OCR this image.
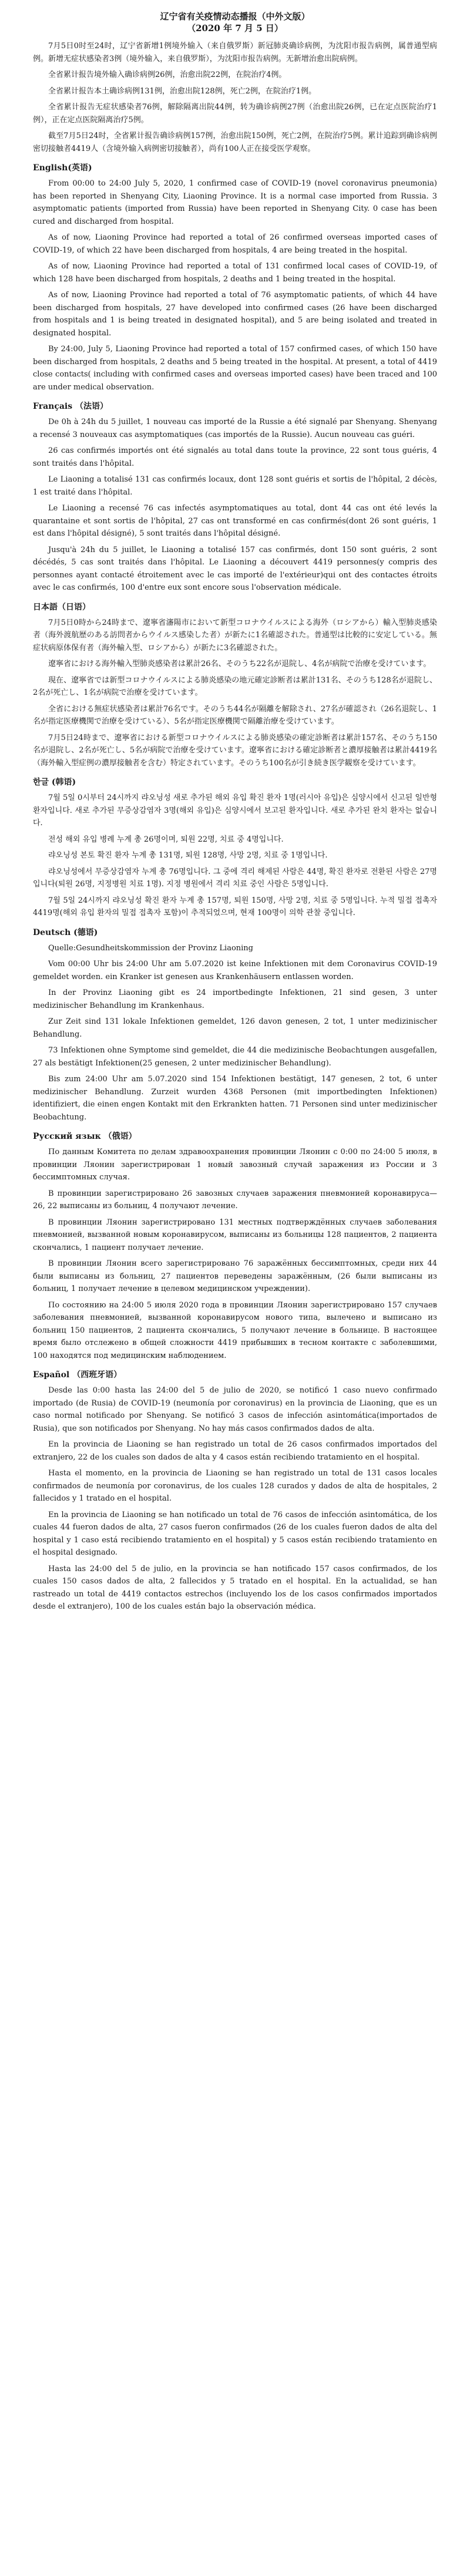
辽宁省有关疫情动态播报（中外文版）
（2020 年 7 月 5 日）

7月5日0时至24时，辽宁省新增1例境外输入（来自俄罗斯）新冠肺炎确诊病例，为沈阳市报告病例，属普通型病例。新增无症状感染者3例（境外输入，来自俄罗斯），为沈阳市报告病例。无新增治愈出院病例。

全省累计报告境外输入确诊病例26例，治愈出院22例，在院治疗4例。

全省累计报告本土确诊病例131例，治愈出院128例，死亡2例，在院治疗1例。

全省累计报告无症状感染者76例，解除隔离出院44例，转为确诊病例27例（治愈出院26例，已在定点医院治疗1例），正在定点医院隔离治疗5例。

截至7月5日24时，全省累计报告确诊病例157例，治愈出院150例，死亡2例，在院治疗5例。累计追踪到确诊病例密切接触者4419人（含境外输入病例密切接触者），尚有100人正在接受医学观察。

English(英语)

From 00:00 to 24:00 July 5, 2020, 1 confirmed case of COVID-19 (novel coronavirus pneumonia) has been reported in Shenyang City, Liaoning Province. It is a normal case imported from Russia. 3 asymptomatic patients (imported from Russia) have been reported in Shenyang City. 0 case has been cured and discharged from hospital.

As of now, Liaoning Province had reported a total of 26 confirmed overseas imported cases of COVID-19, of which 22 have been discharged from hospitals, 4 are being treated in the hospital.

As of now, Liaoning Province had reported a total of 131 confirmed local cases of COVID-19, of which 128 have been discharged from hospitals, 2 deaths and 1 being treated in the hospital.

As of now, Liaoning Province had reported a total of 76 asymptomatic patients, of which 44 have been discharged from hospitals, 27 have developed into confirmed cases (26 have been discharged from hospitals and 1 is being treated in designated hospital), and 5 are being isolated and treated in designated hospital.

By 24:00, July 5, Liaoning Province had reported a total of 157 confirmed cases, of which 150 have been discharged from hospitals, 2 deaths and 5 being treated in the hospital. At present, a total of 4419 close contacts( including with confirmed cases and overseas imported cases) have been traced and 100 are under medical observation.

Français （法语）

De 0h à 24h du 5 juillet, 1 nouveau cas importé de la Russie a été signalé par Shenyang. Shenyang a recensé 3 nouveaux cas asymptomatiques (cas importés de la Russie). Aucun nouveau cas guéri.

26 cas confirmés importés ont été signalés au total dans toute la province, 22 sont tous guéris, 4 sont traités dans l'hôpital.

Le Liaoning a totalisé 131 cas confirmés locaux, dont 128 sont guéris et sortis de l'hôpital, 2 décès, 1 est traité dans l'hôpital.

Le Liaoning a recensé 76 cas infectés asymptomatiques au total, dont 44 cas ont été levés la quarantaine et sont sortis de l'hôpital, 27 cas ont transformé en cas confirmés(dont 26 sont guéris, 1 est dans l'hôpital désigné), 5 sont traités dans l'hôpital désigné.

Jusqu'à 24h du 5 juillet, le Liaoning a totalisé 157 cas confirmés, dont 150 sont guéris, 2 sont décédés, 5 cas sont traités dans l'hôpital. Le Liaoning a découvert 4419 personnes(y compris des personnes ayant contacté étroitement avec le cas importé de l'extérieur)qui ont des contactes étroits avec le cas confirmés, 100 d'entre eux sont encore sous l'observation médicale.

日本語（日语）

7月5日0時から24時まで、遼寧省瀋陽市において新型コロナウイルスによる海外（ロシアから）輸入型肺炎感染者（海外渡航歴のある訪問者からウイルス感染した者）が新たに1名確認された。普通型は比較的に安定している。無症状病原体保有者（海外輸入型、ロシアから）が新たに3名確認された。

遼寧省における海外輸入型肺炎感染者は累計26名、そのうち22名が退院し、4名が病院で治療を受けています。

現在、遼寧省では新型コロナウイルスによる肺炎感染の地元確定診断者は累計131名、そのうち128名が退院し、2名が死亡し、1名が病院で治療を受けています。

全省における無症状感染者は累計76名です。そのうち44名が隔離を解除され、27名が確認され（26名退院し、1名が指定医療機関で治療を受けている）、5名が指定医療機関で隔離治療を受けています。

7月5日24時まで、遼寧省における新型コロナウイルスによる肺炎感染の確定診断者は累計157名、そのうち150名が退院し、2名が死亡し、5名が病院で治療を受けています。遼寧省における確定診断者と濃厚接触者は累計4419名（海外輸入型症例の濃厚接触者を含む）特定されています。そのうち100名が引き続き医学観察を受けています。

한글 (韩语)

7월 5일 0시부터 24시까지 랴오닝성 새로 추가된 해외 유입 확진 환자 1명(러시아 유입)은 심양시에서 신고된 일반형 환자입니다. 새로 추가된 무증상감염자 3명(해외 유입)은 심양시에서 보고된 환자입니다. 새로 추가된 완치 환자는 없습니다.

전성 해외 유입 병례 누계 총 26명이며, 퇴원 22명, 치료 중 4명입니다.

랴오닝성 본토 확진 환자 누계 총 131명, 퇴원 128명, 사망 2명, 치료 중 1명입니다.

랴오닝성에서 무증상감염자 누계 총 76명입니다. 그 중에 격리 해제된 사람은 44명, 확진 환자로 전환된 사람은 27명입니다(퇴원 26명, 지정병원 치료 1명). 지정 병원에서 격리 치료 중인 사람은 5명입니다.

7월 5일 24시까지 랴오닝성 확진 환자 누계 총 157명, 퇴원 150명, 사망 2명, 치료 중 5명입니다. 누적 밀접 접촉자 4419명(해외 유입 환자의 밀접 접촉자 포함)이 추적되었으며, 현재 100명이 의학 관찰 중입니다.

Deutsch (德语)

Quelle:Gesundheitskommission der Provinz Liaoning

Vom 00:00 Uhr bis 24:00 Uhr am 5.07.2020 ist keine Infektionen mit dem Coronavirus COVID-19 gemeldet worden. ein Kranker ist genesen aus Krankenhäusern entlassen worden.

In der Provinz Liaoning gibt es 24 importbedingte Infektionen, 21 sind gesen, 3 unter medizinischer Behandlung im Krankenhaus.

Zur Zeit sind 131 lokale Infektionen gemeldet, 126 davon genesen, 2 tot, 1 unter medizinischer Behandlung.

73 Infektionen ohne Symptome sind gemeldet, die 44 die medizinische Beobachtungen ausgefallen, 27 als bestätigt Infektionen(25 genesen, 2 unter medizinischer Behandlung).

Bis zum 24:00 Uhr am 5.07.2020 sind 154 Infektionen bestätigt, 147 genesen, 2 tot, 6 unter medizinischer Behandlung. Zurzeit wurden 4368 Personen (mit importbedingten Infektionen) identifiziert, die einen engen Kontakt mit den Erkrankten hatten. 71 Personen sind unter medizinischer Beobachtung.

Русский язык （俄语）

По данным Комитета по делам здравоохранения провинции Ляонин с 0:00 по 24:00 5 июля, в провинции Ляонин зарегистрирован 1 новый завозный случай заражения из России и 3 бессимптомных случая.

В провинции зарегистрировано 26 завозных случаев заражения пневмонией коронавируса—26, 22 выписаны из больниц, 4 получают лечение.

В провинции Ляонин зарегистрировано 131 местных подтверждённых случаев заболевания пневмонией, вызванной новым коронавирусом, выписаны из больницы 128 пациентов, 2 пациента скончались, 1 пациент получает лечение.

В провинции Ляонин всего зарегистрировано 76 заражённых бессимптомных, среди них 44 были выписаны из больниц, 27 пациентов переведены заражённым, (26 были выписаны из больниц, 1 получает лечение в целевом медицинском учреждении).

По состоянию на 24:00 5 июля 2020 года в провинции Ляонин зарегистрировано 157 случаев заболевания пневмонией, вызванной коронавирусом нового типа, вылечено и выписано из больниц 150 пациентов, 2 пациента скончались, 5 получают лечение в больнице. В настоящее время было отслежено в общей сложности 4419 прибывших в тесном контакте с заболевшими, 100 находятся под медицинским наблюдением.

Español （西班牙语）

Desde las 0:00 hasta las 24:00 del 5 de julio de 2020, se notificó 1 caso nuevo confirmado importado (de Rusia) de COVID-19 (neumonía por coronavirus) en la provincia de Liaoning, que es un caso normal notificado por Shenyang. Se notificó 3 casos de infección asintomática(importados de Rusia), que son notificados por Shenyang. No hay más casos confirmados dados de alta.

En la provincia de Liaoning se han registrado un total de 26 casos confirmados importados del extranjero, 22 de los cuales son dados de alta y 4 casos están recibiendo tratamiento en el hospital.

Hasta el momento, en la provincia de Liaoning se han registrado un total de 131 casos locales confirmados de neumonía por coronavirus, de los cuales 128 curados y dados de alta de hospitales, 2 fallecidos y 1 tratado en el hospital.

En la provincia de Liaoning se han notificado un total de 76 casos de infección asintomática, de los cuales 44 fueron dados de alta, 27 casos fueron confirmados (26 de los cuales fueron dados de alta del hospital y 1 caso está recibiendo tratamiento en el hospital) y 5 casos están recibiendo tratamiento en el hospital designado.

Hasta las 24:00 del 5 de julio, en la provincia se han notificado 157 casos confirmados, de los cuales 150 casos dados de alta, 2 fallecidos y 5 tratado en el hospital. En la actualidad, se han rastreado un total de 4419 contactos estrechos (incluyendo los de los casos confirmados importados desde el extranjero), 100 de los cuales están bajo la observación médica.
